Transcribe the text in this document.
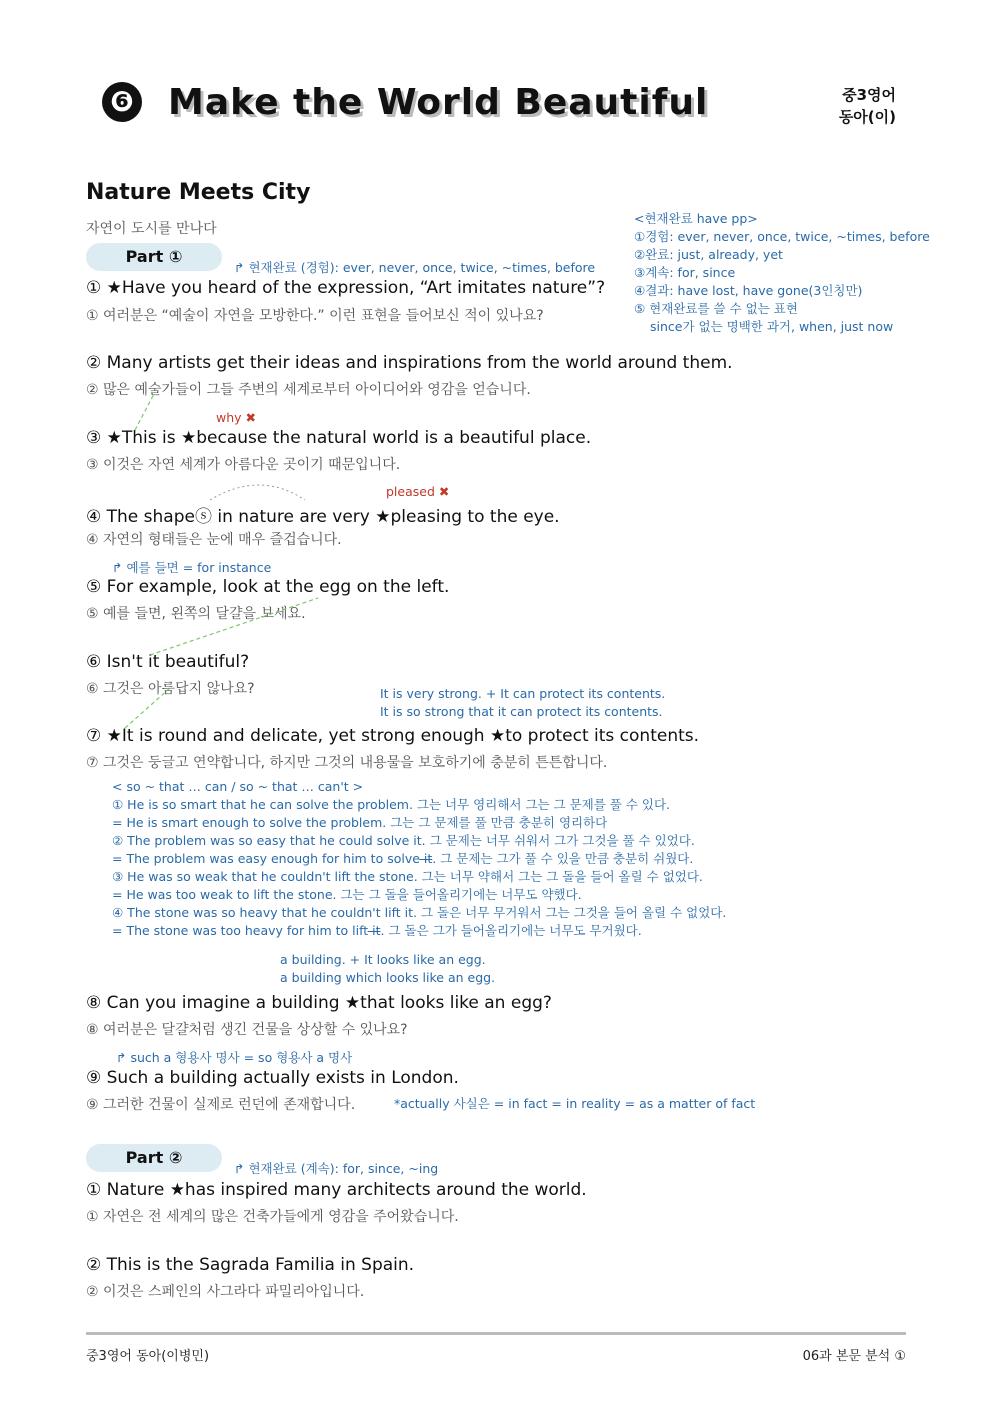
❻ Make the World Beautiful	중3영어
동아(이)
Nature Meets City
자연이 도시를 만나다
<현재완료 have pp>
①경험: ever, never, once, twice, ~times, before
②완료: just, already, yet
③계속: for, since
④결과: have lost, have gone(3인칭만)
⑤ 현재완료를 쓸 수 없는 표현
since가 없는 명백한 과거, when, just now
Part ①
↱ 현재완료 (경험): ever, never, once, twice, ~times, before
① ★Have you heard of the expression, “Art imitates nature”?
① 여러분은 “예술이 자연을 모방한다.” 이런 표현을 들어보신 적이 있나요?
② Many artists get their ideas and inspirations from the world around them.
② 많은 예술가들이 그들 주변의 세계로부터 아이디어와 영감을 얻습니다.
why ✖
③ ★This is ★because the natural world is a beautiful place.
③ 이것은 자연 세계가 아름다운 곳이기 때문입니다.
pleased ✖
④ The shapeⓢ in nature are very ★pleasing to the eye.
④ 자연의 형태들은 눈에 매우 즐겁습니다.
↱ 예를 들면 = for instance
⑤ For example, look at the egg on the left.
⑤ 예를 들면, 왼쪽의 달걀을 보세요.
⑥ Isn't it beautiful?
⑥ 그것은 아름답지 않나요?	It is very strong. + It can protect its contents.
It is so strong that it can protect its contents.
⑦ ★It is round and delicate, yet strong enough ★to protect its contents.
⑦ 그것은 둥글고 연약합니다, 하지만 그것의 내용물을 보호하기에 충분히 튼튼합니다.
< so ~ that … can / so ~ that … can't >
① He is so smart that he can solve the problem. 그는 너무 영리해서 그는 그 문제를 풀 수 있다.
= He is smart enough to solve the problem. 그는 그 문제를 풀 만큼 충분히 영리하다
② The problem was so easy that he could solve it. 그 문제는 너무 쉬워서 그가 그것을 풀 수 있었다.
= The problem was easy enough for him to solve i̶t̶. 그 문제는 그가 풀 수 있을 만큼 충분히 쉬웠다.
③ He was so weak that he couldn't lift the stone. 그는 너무 약해서 그는 그 돌을 들어 올릴 수 없었다.
= He was too weak to lift the stone. 그는 그 돌을 들어올리기에는 너무도 약했다.
④ The stone was so heavy that he couldn't lift it. 그 돌은 너무 무거워서 그는 그것을 들어 올릴 수 없었다.
= The stone was too heavy for him to lift i̶t̶. 그 돌은 그가 들어올리기에는 너무도 무거웠다.
a building. + It looks like an egg.
a building which looks like an egg.
⑧ Can you imagine a building ★that looks like an egg?
⑧ 여러분은 달걀처럼 생긴 건물을 상상할 수 있나요?
↱ such a 형용사 명사 = so 형용사 a 명사
⑨ Such a building actually exists in London.
⑨ 그러한 건물이 실제로 런던에 존재합니다.	*actually 사실은 = in fact = in reality = as a matter of fact
Part ②
↱ 현재완료 (계속): for, since, ~ing
① Nature ★has inspired many architects around the world.
① 자연은 전 세계의 많은 건축가들에게 영감을 주어왔습니다.
② This is the Sagrada Familia in Spain.
② 이것은 스페인의 사그라다 파밀리아입니다.
중3영어 동아(이병민)	06과 본문 분석 ①
